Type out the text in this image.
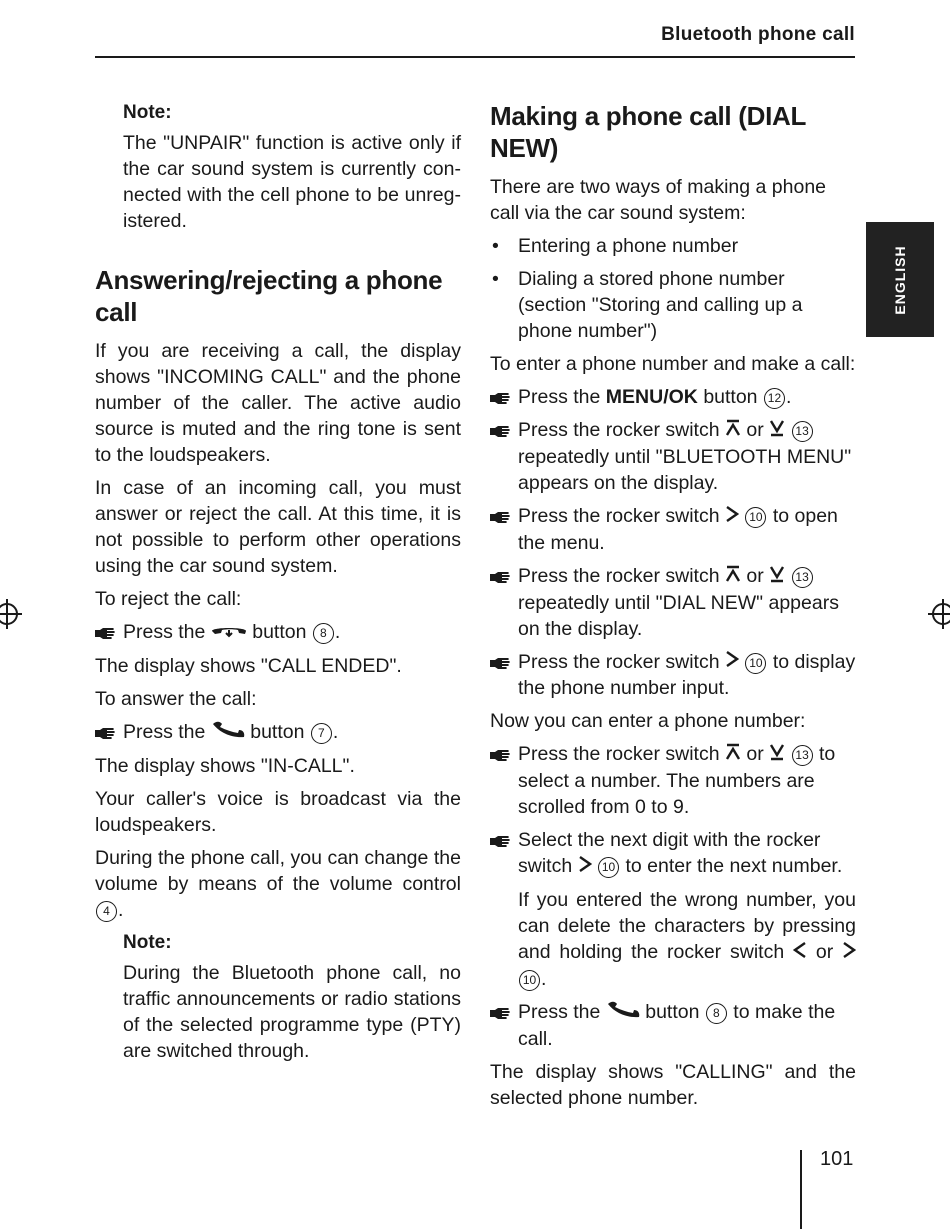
Bluetooth phone call
ENGLISH

Note:

The "UNPAIR" function is active only if the car sound system is currently connected with the cell phone to be unregistered.

Answering/rejecting a phone call

If you are receiving a call, the display shows "INCOMING CALL" and the phone number of the caller. The active audio source is muted and the ring tone is sent to the loudspeakers.

In case of an incoming call, you must answer or reject the call. At this time, it is not possible to perform other operations using the car sound system.

To reject the call:

Press the button 8 .

The display shows "CALL ENDED".

To answer the call:

Press the button 7 .

The display shows "IN-CALL".

Your caller's voice is broadcast via the loudspeakers.

During the phone call, you can change the volume by means of the volume control 4 .

Note:

During the Bluetooth phone call, no traffic announcements or radio stations of the selected programme type (PTY) are switched through.

Making a phone call (DIAL NEW)

There are two ways of making a phone call via the car sound system:

• Entering a phone number
• Dialing a stored phone number (section "Storing and calling up a phone number")

To enter a phone number and make a call:

Press the MENU/OK button 12 .

Press the rocker switch or	13 repeatedly until "BLUETOOTH MENU" appears on the display.

Press the rocker switch 10 to open the menu.

Press the rocker switch or	13 repeatedly until "DIAL NEW" appears on the display.

Press the rocker switch 10 to display the phone number input.

Now you can enter a phone number:

Press the rocker switch or	13 to select a number. The numbers are scrolled from 0 to 9.

Select the next digit with the rocker switch 10 to enter the next number.

If you entered the wrong number, you can delete the characters by pressing and holding the rocker switch or  10 .

Press the button 8 to make the call.

The display shows "CALLING" and the selected phone number.

101
